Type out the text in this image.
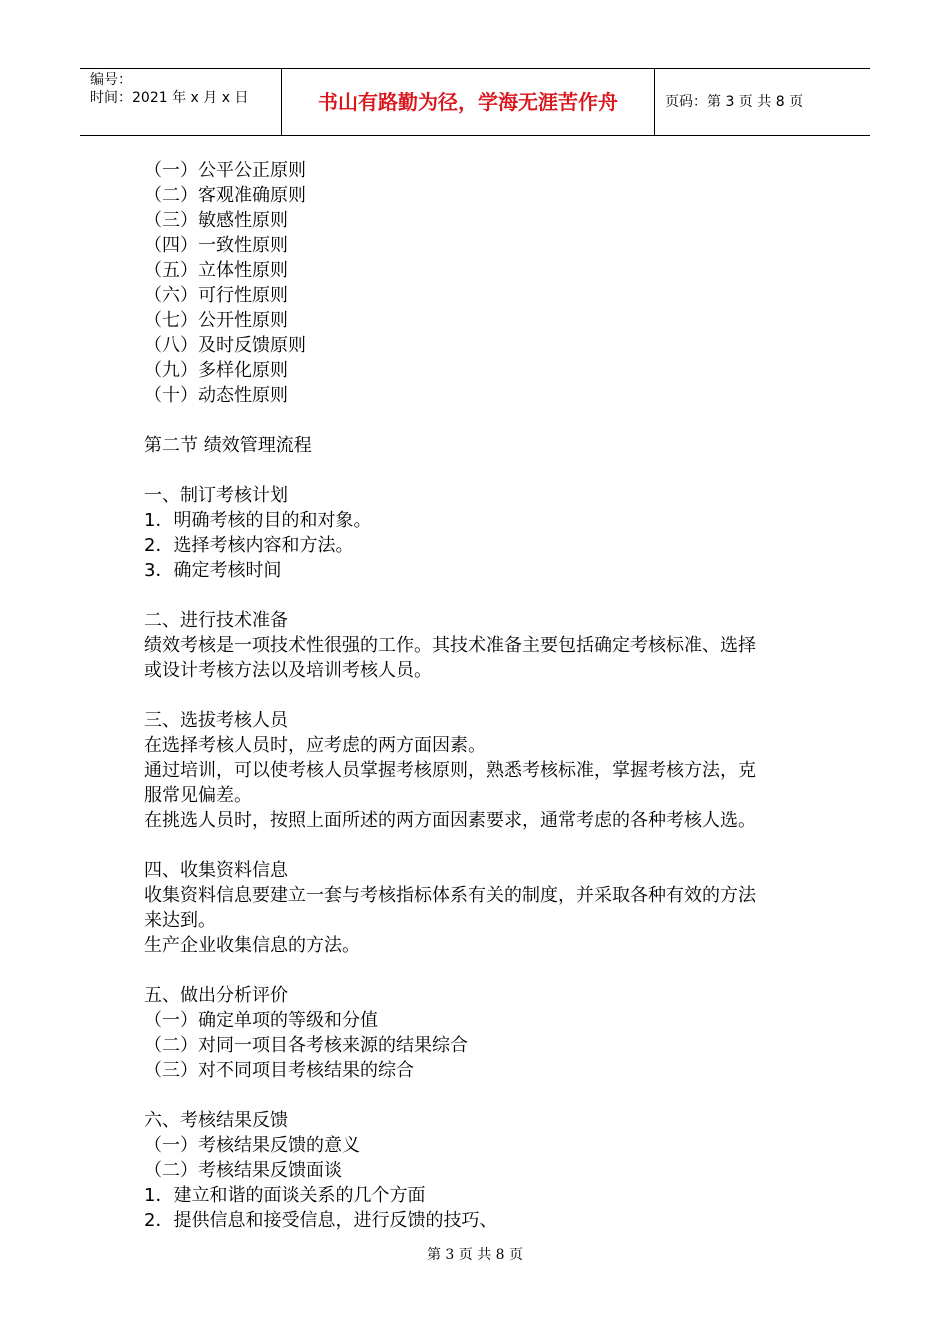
编号：
时间：2021 年 x 月 x 日	书山有路勤为径，学海无涯苦作舟	页码：第 3 页 共 8 页
（一）公平公正原则
（二）客观准确原则
（三）敏感性原则
（四）一致性原则
（五）立体性原则
（六）可行性原则
（七）公开性原则
（八）及时反馈原则
（九）多样化原则
（十）动态性原则
第二节 绩效管理流程
一、制订考核计划
1．明确考核的目的和对象。
2．选择考核内容和方法。
3．确定考核时间
二、进行技术准备
绩效考核是一项技术性很强的工作。其技术准备主要包括确定考核标准、选择
或设计考核方法以及培训考核人员。
三、选拔考核人员
在选择考核人员时，应考虑的两方面因素。
通过培训，可以使考核人员掌握考核原则，熟悉考核标准，掌握考核方法，克
服常见偏差。
在挑选人员时，按照上面所述的两方面因素要求，通常考虑的各种考核人选。
四、收集资料信息
收集资料信息要建立一套与考核指标体系有关的制度，并采取各种有效的方法
来达到。
生产企业收集信息的方法。
五、做出分析评价
（一）确定单项的等级和分值
（二）对同一项目各考核来源的结果综合
（三）对不同项目考核结果的综合
六、考核结果反馈
（一）考核结果反馈的意义
（二）考核结果反馈面谈
1．建立和谐的面谈关系的几个方面
2．提供信息和接受信息，进行反馈的技巧、
第 3 页 共 8 页
